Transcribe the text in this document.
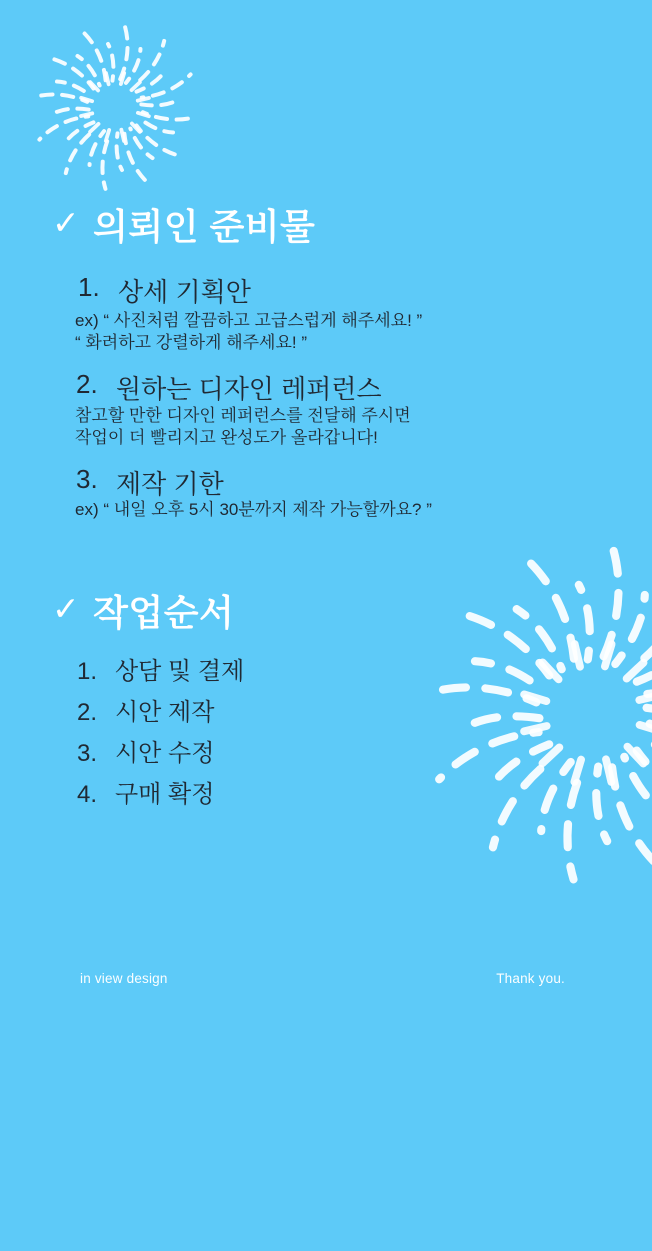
✓ 의뢰인 준비물
1. 상세 기획안
ex) “ 사진처럼 깔끔하고 고급스럽게 해주세요! ”
“ 화려하고 강렬하게 해주세요! ”
2. 원하는 디자인 레퍼런스
참고할 만한 디자인 레퍼런스를 전달해 주시면
작업이 더 빨리지고 완성도가 올라갑니다!
3. 제작 기한
ex) “ 내일 오후 5시 30분까지 제작 가능할까요? ”
✓ 작업순서
1. 상담 및 결제
2. 시안 제작
3. 시안 수정
4. 구매 확정
in view design	Thank you.
